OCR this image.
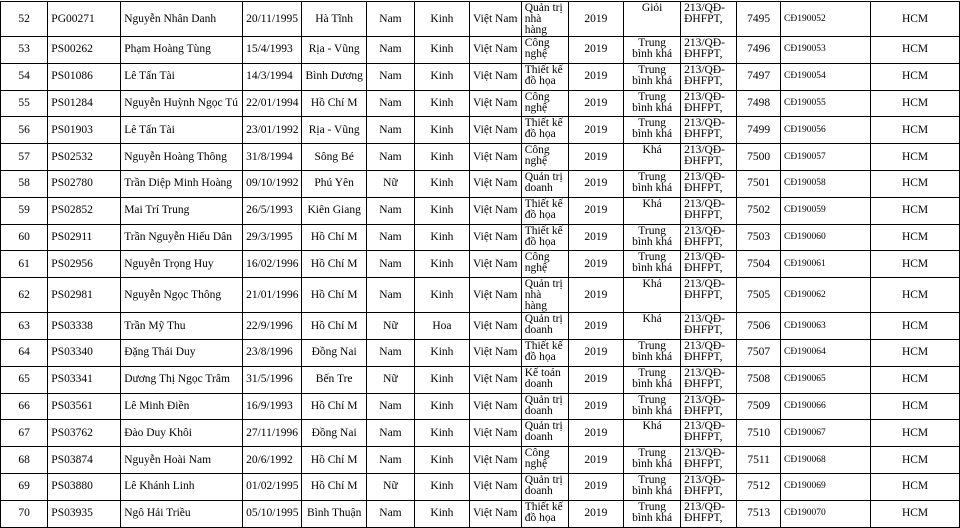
52	PG00271	Nguyễn Nhân Danh	20/11/1995	Hà Tĩnh	Nam	Kinh	Việt Nam	Quản trị nhà hàng	2019	Giỏi	213/QĐ-ĐHFPT,	7495	CĐ190052	HCM
53	PS00262	Phạm Hoàng Tùng	15/4/1993	Rịa - Vũng	Nam	Kinh	Việt Nam	Công nghệ	2019	Trung bình khá	213/QĐ-ĐHFPT,	7496	CĐ190053	HCM
54	PS01086	Lê Tấn Tài	14/3/1994	Bình Dương	Nam	Kinh	Việt Nam	Thiết kế đồ họa	2019	Trung bình khá	213/QĐ-ĐHFPT,	7497	CĐ190054	HCM
55	PS01284	Nguyễn Huỳnh Ngọc Tú	22/01/1994	Hồ Chí M	Nam	Kinh	Việt Nam	Công nghệ	2019	Trung bình khá	213/QĐ-ĐHFPT,	7498	CĐ190055	HCM
56	PS01903	Lê Tấn Tài	23/01/1992	Rịa - Vũng	Nam	Kinh	Việt Nam	Thiết kế đồ họa	2019	Trung bình khá	213/QĐ-ĐHFPT,	7499	CĐ190056	HCM
57	PS02532	Nguyễn Hoàng Thông	31/8/1994	Sông Bé	Nam	Kinh	Việt Nam	Công nghệ	2019	Khá	213/QĐ-ĐHFPT,	7500	CĐ190057	HCM
58	PS02780	Trần Diệp Minh Hoàng	09/10/1992	Phú Yên	Nữ	Kinh	Việt Nam	Quản trị doanh	2019	Trung bình khá	213/QĐ-ĐHFPT,	7501	CĐ190058	HCM
59	PS02852	Mai Trí Trung	26/5/1993	Kiên Giang	Nam	Kinh	Việt Nam	Thiết kế đồ họa	2019	Khá	213/QĐ-ĐHFPT,	7502	CĐ190059	HCM
60	PS02911	Trần Nguyễn Hiếu Dân	29/3/1995	Hồ Chí M	Nam	Kinh	Việt Nam	Thiết kế đồ họa	2019	Trung bình khá	213/QĐ-ĐHFPT,	7503	CĐ190060	HCM
61	PS02956	Nguyễn Trọng Huy	16/02/1996	Hồ Chí M	Nam	Kinh	Việt Nam	Công nghệ	2019	Trung bình khá	213/QĐ-ĐHFPT,	7504	CĐ190061	HCM
62	PS02981	Nguyễn Ngọc Thông	21/01/1996	Hồ Chí M	Nam	Kinh	Việt Nam	Quản trị nhà hàng	2019	Khá	213/QĐ-ĐHFPT,	7505	CĐ190062	HCM
63	PS03338	Trần Mỹ Thu	22/9/1996	Hồ Chí M	Nữ	Hoa	Việt Nam	Quản trị doanh	2019	Khá	213/QĐ-ĐHFPT,	7506	CĐ190063	HCM
64	PS03340	Đặng Thái Duy	23/8/1996	Đồng Nai	Nam	Kinh	Việt Nam	Thiết kế đồ họa	2019	Trung bình khá	213/QĐ-ĐHFPT,	7507	CĐ190064	HCM
65	PS03341	Dương Thị Ngọc Trâm	31/5/1996	Bến Tre	Nữ	Kinh	Việt Nam	Kế toán doanh	2019	Trung bình khá	213/QĐ-ĐHFPT,	7508	CĐ190065	HCM
66	PS03561	Lê Minh Điền	16/9/1993	Hồ Chí M	Nam	Kinh	Việt Nam	Quản trị doanh	2019	Trung bình khá	213/QĐ-ĐHFPT,	7509	CĐ190066	HCM
67	PS03762	Đào Duy Khôi	27/11/1996	Đồng Nai	Nam	Kinh	Việt Nam	Quản trị doanh	2019	Khá	213/QĐ-ĐHFPT,	7510	CĐ190067	HCM
68	PS03874	Nguyễn Hoài Nam	20/6/1992	Hồ Chí M	Nam	Kinh	Việt Nam	Công nghệ	2019	Trung bình khá	213/QĐ-ĐHFPT,	7511	CĐ190068	HCM
69	PS03880	Lê Khánh Linh	01/02/1995	Hồ Chí M	Nữ	Kinh	Việt Nam	Quản trị doanh	2019	Trung bình khá	213/QĐ-ĐHFPT,	7512	CĐ190069	HCM
70	PS03935	Ngô Hải Triều	05/10/1995	Bình Thuận	Nam	Kinh	Việt Nam	Thiết kế đồ họa	2019	Trung bình khá	213/QĐ-ĐHFPT,	7513	CĐ190070	HCM
